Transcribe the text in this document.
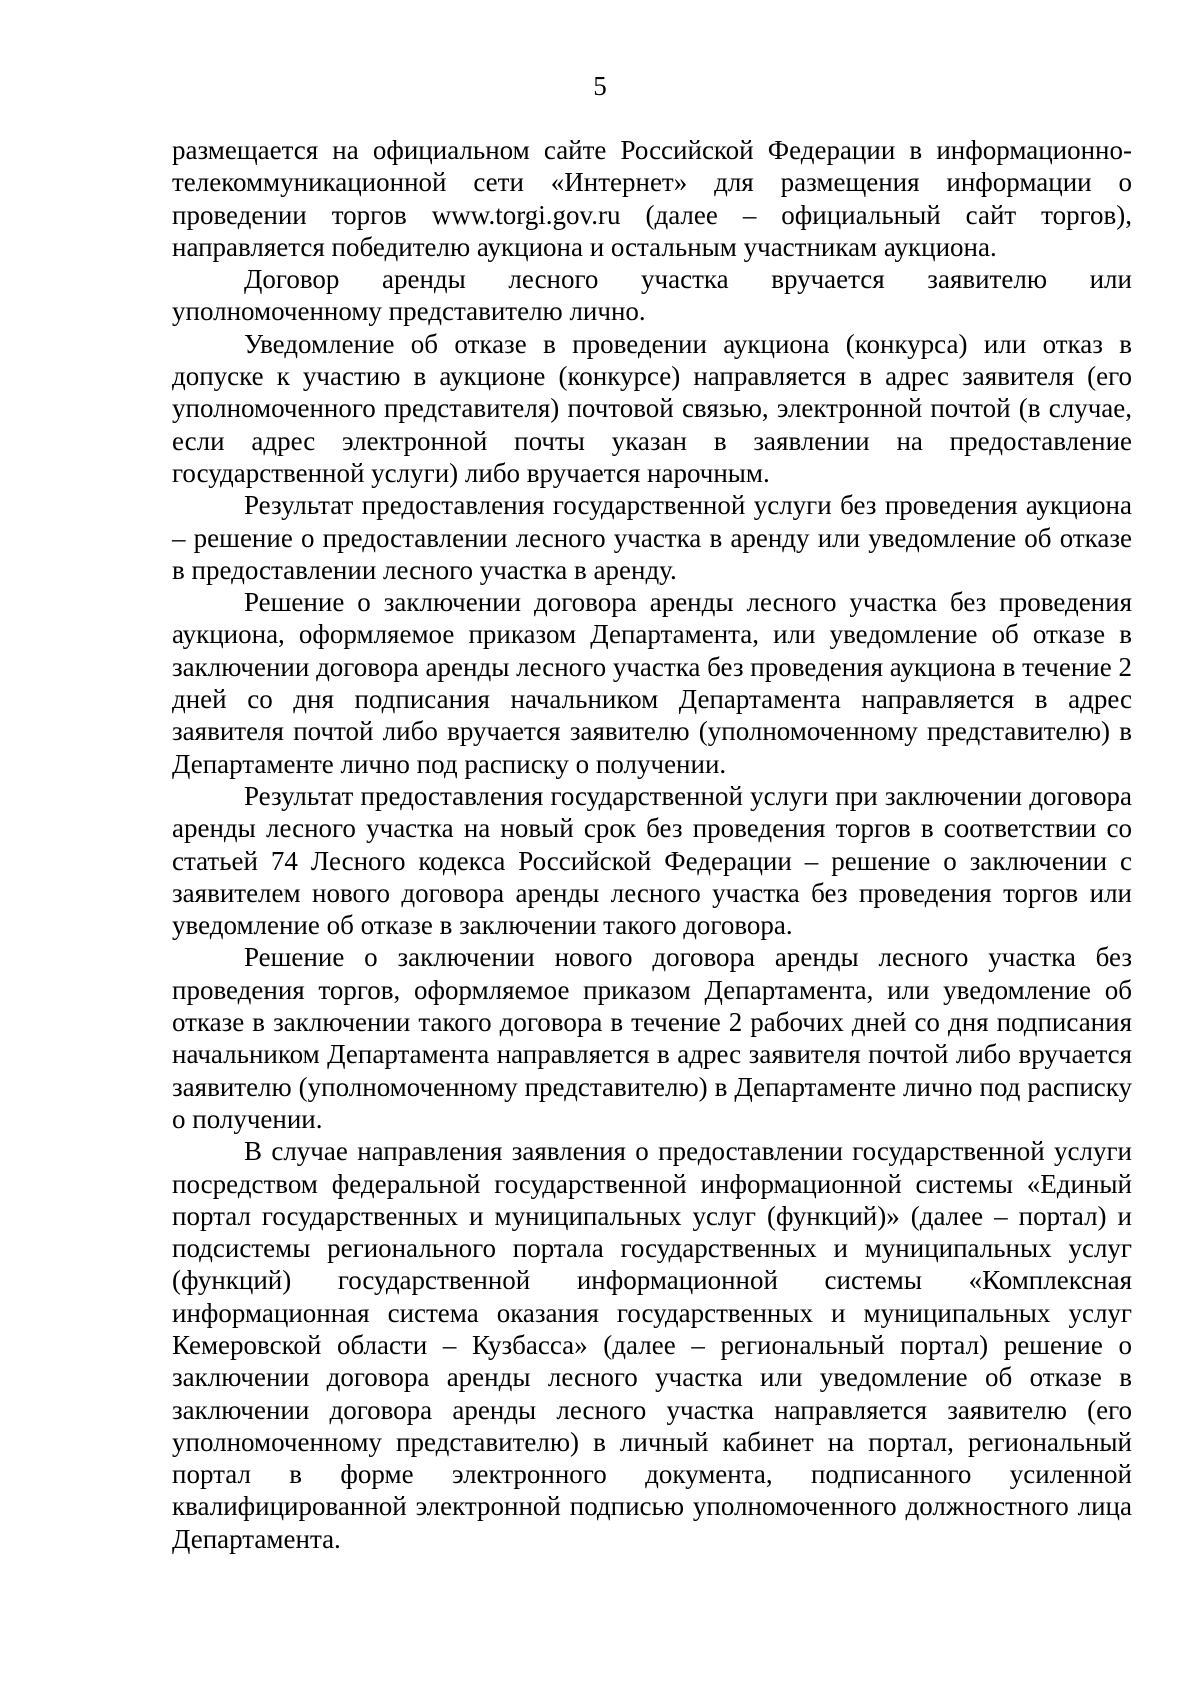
5

размещается на официальном сайте Российской Федерации в информационно-телекоммуникационной сети «Интернет» для размещения информации о проведении торгов www.torgi.gov.ru (далее – официальный сайт торгов), направляется победителю аукциона и остальным участникам аукциона.

Договор аренды лесного участка вручается заявителю или уполномоченному представителю лично.

Уведомление об отказе в проведении аукциона (конкурса) или отказ в допуске к участию в аукционе (конкурсе) направляется в адрес заявителя (его уполномоченного представителя) почтовой связью, электронной почтой (в случае, если адрес электронной почты указан в заявлении на предоставление государственной услуги) либо вручается нарочным.

Результат предоставления государственной услуги без проведения аукциона – решение о предоставлении лесного участка в аренду или уведомление об отказе в предоставлении лесного участка в аренду.

Решение о заключении договора аренды лесного участка без проведения аукциона, оформляемое приказом Департамента, или уведомление об отказе в заключении договора аренды лесного участка без проведения аукциона в течение 2 дней со дня подписания начальником Департамента направляется в адрес заявителя почтой либо вручается заявителю (уполномоченному представителю) в Департаменте лично под расписку о получении.

Результат предоставления государственной услуги при заключении договора аренды лесного участка на новый срок без проведения торгов в соответствии со статьей 74 Лесного кодекса Российской Федерации – решение о заключении с заявителем нового договора аренды лесного участка без проведения торгов или уведомление об отказе в заключении такого договора.

Решение о заключении нового договора аренды лесного участка без проведения торгов, оформляемое приказом Департамента, или уведомление об отказе в заключении такого договора в течение 2 рабочих дней со дня подписания начальником Департамента направляется в адрес заявителя почтой либо вручается заявителю (уполномоченному представителю) в Департаменте лично под расписку о получении.

В случае направления заявления о предоставлении государственной услуги посредством федеральной государственной информационной системы «Единый портал государственных и муниципальных услуг (функций)» (далее – портал) и подсистемы регионального портала государственных и муниципальных услуг (функций) государственной информационной системы «Комплексная информационная система оказания государственных и муниципальных услуг Кемеровской области – Кузбасса» (далее – региональный портал) решение о заключении договора аренды лесного участка или уведомление об отказе в заключении договора аренды лесного участка направляется заявителю (его уполномоченному представителю) в личный кабинет на портал, региональный портал в форме электронного документа, подписанного усиленной квалифицированной электронной подписью уполномоченного должностного лица Департамента.
